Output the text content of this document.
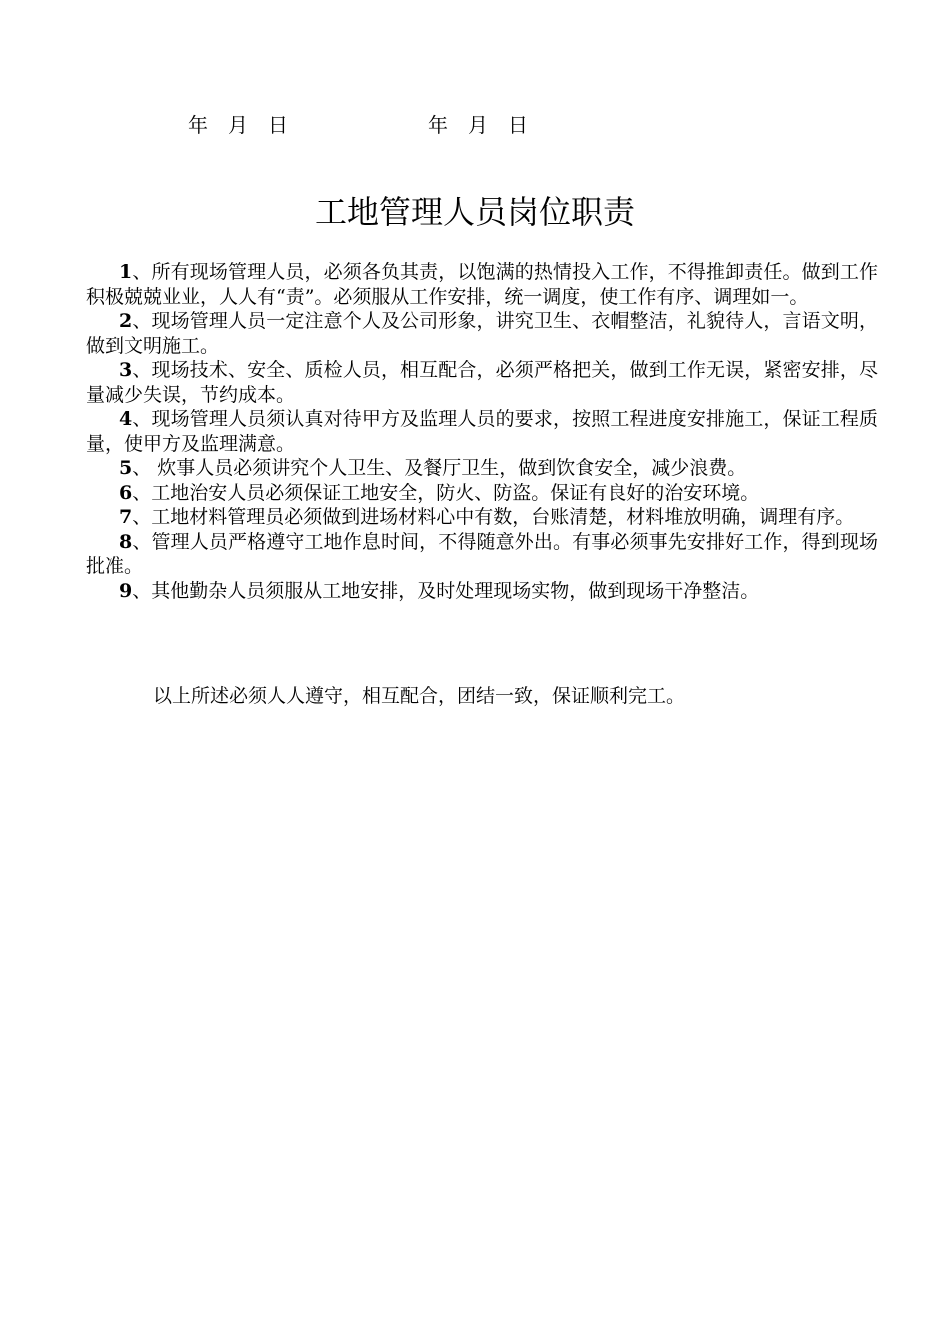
年 月 日	年 月 日
工地管理人员岗位职责

1、所有现场管理人员，必须各负其责，以饱满的热情投入工作，不得推卸责任。做到工作积极兢兢业业，人人有“责”。必须服从工作安排，统一调度，使工作有序、调理如一。

2、现场管理人员一定注意个人及公司形象，讲究卫生、衣帽整洁，礼貌待人，言语文明，做到文明施工。

3、现场技术、安全、质检人员，相互配合，必须严格把关，做到工作无误，紧密安排，尽量减少失误，节约成本。

4、现场管理人员须认真对待甲方及监理人员的要求，按照工程进度安排施工，保证工程质量，使甲方及监理满意。

5、 炊事人员必须讲究个人卫生、及餐厅卫生，做到饮食安全，减少浪费。

6、工地治安人员必须保证工地安全，防火、防盗。保证有良好的治安环境。

7、工地材料管理员必须做到进场材料心中有数，台账清楚，材料堆放明确，调理有序。

8、管理人员严格遵守工地作息时间，不得随意外出。有事必须事先安排好工作，得到现场批准。

9、其他勤杂人员须服从工地安排，及时处理现场实物，做到现场干净整洁。

以上所述必须人人遵守，相互配合，团结一致，保证顺利完工。
